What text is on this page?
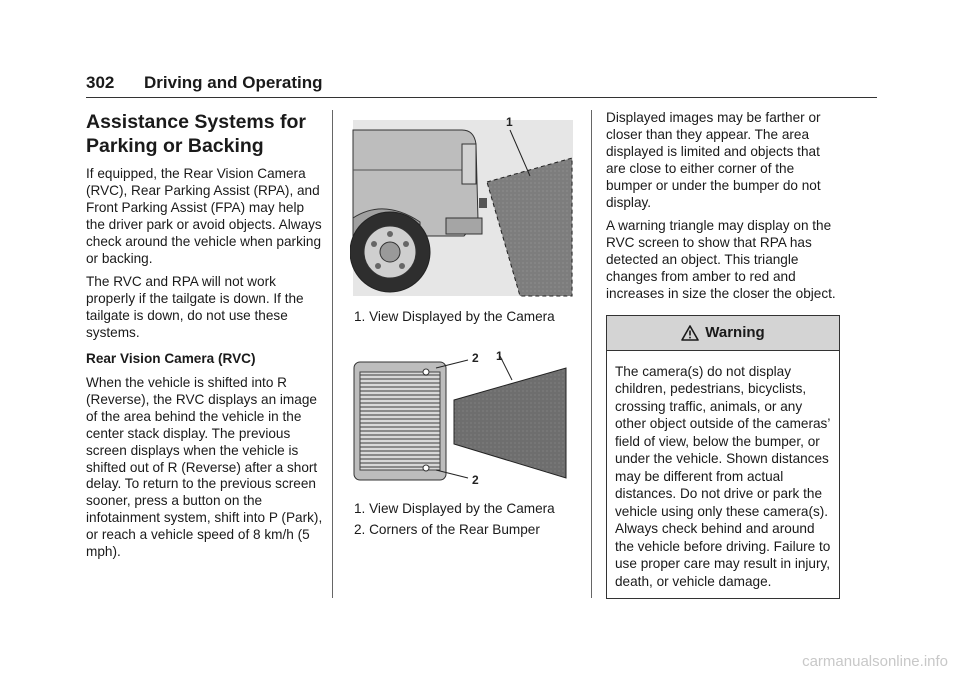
302 Driving and Operating
Assistance Systems for Parking or Backing

If equipped, the Rear Vision Camera (RVC), Rear Parking Assist (RPA), and Front Parking Assist (FPA) may help the driver park or avoid objects. Always check around the vehicle when parking or backing.

The RVC and RPA will not work properly if the tailgate is down. If the tailgate is down, do not use these systems.

Rear Vision Camera (RVC)

When the vehicle is shifted into R (Reverse), the RVC displays an image of the area behind the vehicle in the center stack display. The previous screen displays when the vehicle is shifted out of R (Reverse) after a short delay. To return to the previous screen sooner, press a button on the infotainment system, shift into P (Park), or reach a vehicle speed of 8 km/h (5 mph).

1
1. View Displayed by the Camera
2 1
2
1. View Displayed by the Camera
2. Corners of the Rear Bumper

Displayed images may be farther or closer than they appear. The area displayed is limited and objects that are close to either corner of the bumper or under the bumper do not display.

A warning triangle may display on the RVC screen to show that RPA has detected an object. This triangle changes from amber to red and increases in size the closer the object.

Warning
The camera(s) do not display children, pedestrians, bicyclists, crossing traffic, animals, or any other object outside of the cameras’ field of view, below the bumper, or under the vehicle. Shown distances may be different from actual distances. Do not drive or park the vehicle using only these camera(s). Always check behind and around the vehicle before driving. Failure to use proper care may result in injury, death, or vehicle damage.
carmanualsonline.info
